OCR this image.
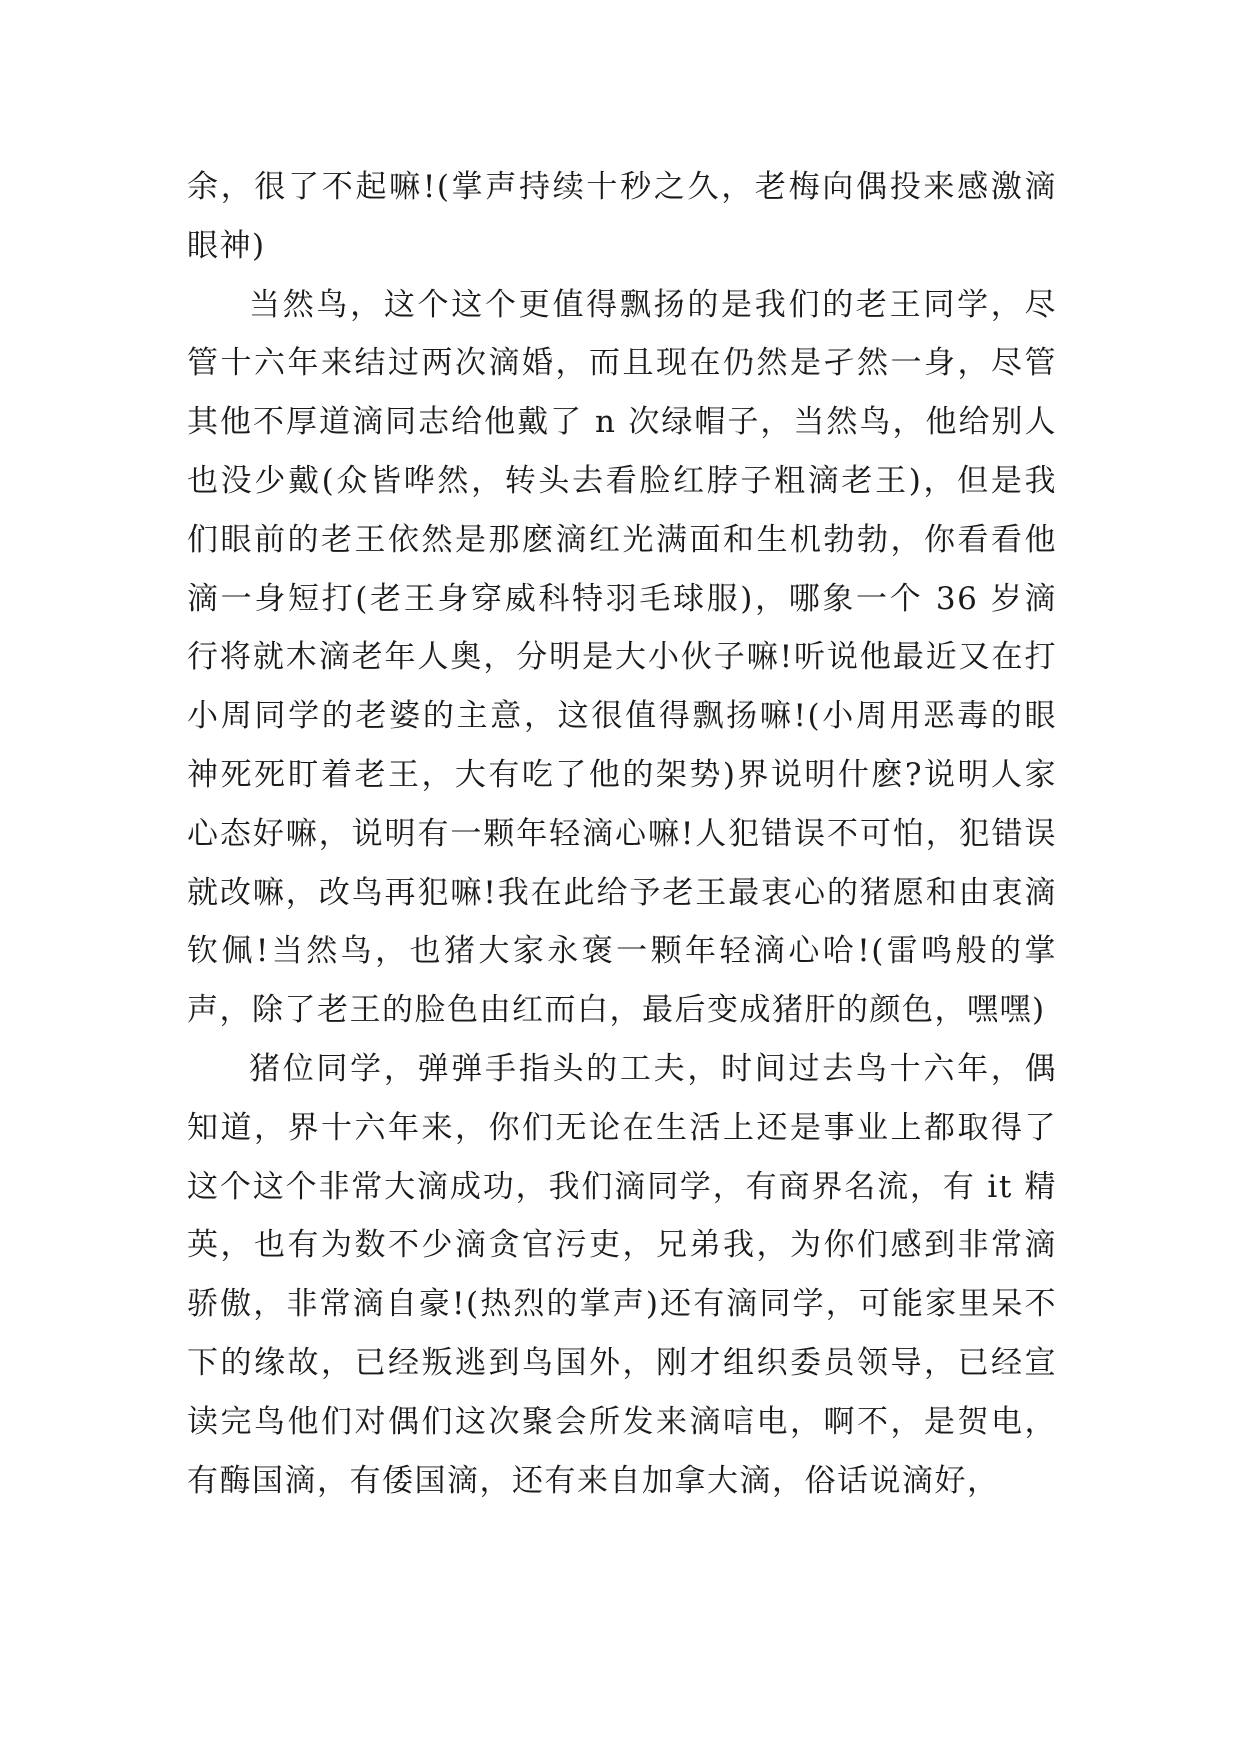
余，很了不起嘛!(掌声持续十秒之久，老梅向偶投来感激滴眼神)

当然鸟，这个这个更值得飘扬的是我们的老王同学，尽管十六年来结过两次滴婚，而且现在仍然是孑然一身，尽管其他不厚道滴同志给他戴了 n 次绿帽子，当然鸟，他给别人也没少戴(众皆哗然，转头去看脸红脖子粗滴老王)，但是我们眼前的老王依然是那麽滴红光满面和生机勃勃，你看看他滴一身短打(老王身穿威科特羽毛球服)，哪象一个 36 岁滴行将就木滴老年人奥，分明是大小伙子嘛!听说他最近又在打小周同学的老婆的主意，这很值得飘扬嘛!(小周用恶毒的眼神死死盯着老王，大有吃了他的架势)界说明什麽?说明人家心态好嘛，说明有一颗年轻滴心嘛!人犯错误不可怕，犯错误就改嘛，改鸟再犯嘛!我在此给予老王最衷心的猪愿和由衷滴钦佩!当然鸟，也猪大家永褒一颗年轻滴心哈!(雷鸣般的掌声，除了老王的脸色由红而白，最后变成猪肝的颜色，嘿嘿)

猪位同学，弹弹手指头的工夫，时间过去鸟十六年，偶知道，界十六年来，你们无论在生活上还是事业上都取得了这个这个非常大滴成功，我们滴同学，有商界名流，有 it 精英，也有为数不少滴贪官污吏，兄弟我，为你们感到非常滴骄傲，非常滴自豪!(热烈的掌声)还有滴同学，可能家里呆不下的缘故，已经叛逃到鸟国外，刚才组织委员领导，已经宣读完鸟他们对偶们这次聚会所发来滴唁电，啊不，是贺电，有酶国滴，有倭国滴，还有来自加拿大滴，俗话说滴好，
